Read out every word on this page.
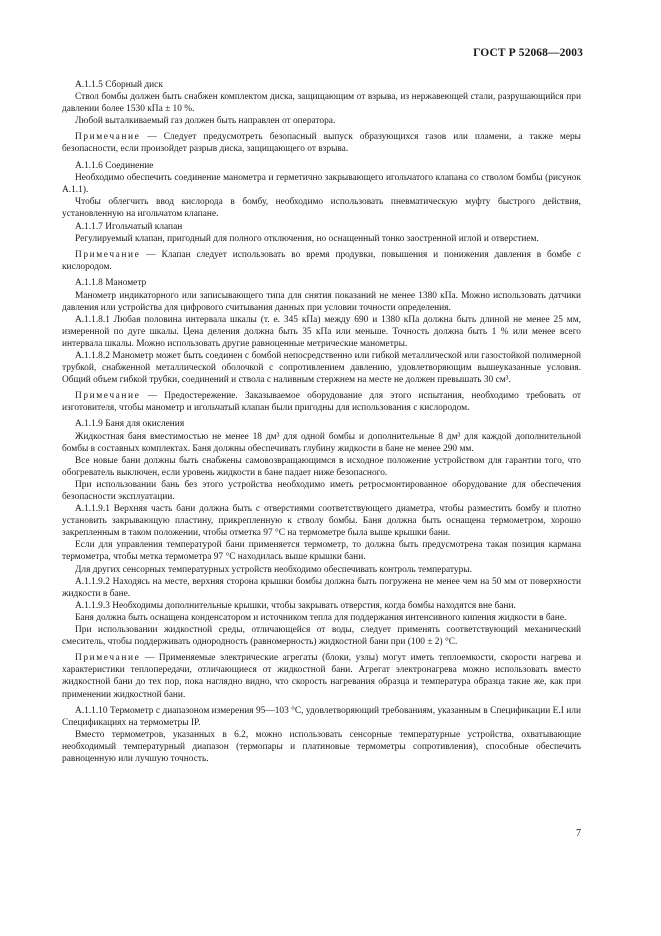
ГОСТ Р 52068—2003

А.1.1.5 Сборный диск

Ствол бомбы должен быть снабжен комплектом диска, защищающим от взрыва, из нержавеющей стали, разрушающийся при давлении более 1530 кПа ± 10 %.

Любой выталкиваемый газ должен быть направлен от оператора.

Примечание — Следует предусмотреть безопасный выпуск образующихся газов или пламени, а также меры безопасности, если произойдет разрыв диска, защищающего от взрыва.

А.1.1.6 Соединение

Необходимо обеспечить соединение манометра и герметично закрывающего игольчатого клапана со стволом бомбы (рисунок А.1.1).

Чтобы облегчить ввод кислорода в бомбу, необходимо использовать пневматическую муфту быстрого действия, установленную на игольчатом клапане.

А.1.1.7 Игольчатый клапан

Регулируемый клапан, пригодный для полного отключения, но оснащенный тонко заостренной иглой и отверстием.

Примечание — Клапан следует использовать во время продувки, повышения и понижения давления в бомбе с кислородом.

А.1.1.8 Манометр

Манометр индикаторного или записывающего типа для снятия показаний не менее 1380 кПа. Можно использовать датчики давления или устройства для цифрового считывания данных при условии точности определения.

А.1.1.8.1 Любая половина интервала шкалы (т. е. 345 кПа) между 690 и 1380 кПа должна быть длиной не менее 25 мм, измеренной по дуге шкалы. Цена деления должна быть 35 кПа или меньше. Точность должна быть 1 % или менее всего интервала шкалы. Можно использовать другие равноценные метрические манометры.

А.1.1.8.2 Манометр может быть соединен с бомбой непосредственно или гибкой металлической или газостойкой полимерной трубкой, снабженной металлической оболочкой с сопротивлением давлению, удовлетворяющим вышеуказанные условия. Общий объем гибкой трубки, соединений и ствола с наливным стержнем на месте не должен превышать 30 см³.

Примечание — Предостережение. Заказываемое оборудование для этого испытания, необходимо требовать от изготовителя, чтобы манометр и игольчатый клапан были пригодны для использования с кислородом.

А.1.1.9 Баня для окисления

Жидкостная баня вместимостью не менее 18 дм³ для одной бомбы и дополнительные 8 дм³ для каждой дополнительной бомбы в составных комплектах. Баня должны обеспечивать глубину жидкости в бане не менее 290 мм.

Все новые бани должны быть снабжены самовозвращающимся в исходное положение устройством для гарантии того, что обогреватель выключен, если уровень жидкости в бане падает ниже безопасного.

При использовании бань без этого устройства необходимо иметь ретросмонтированное оборудование для обеспечения безопасности эксплуатации.

А.1.1.9.1 Верхняя часть бани должна быть с отверстиями соответствующего диаметра, чтобы разместить бомбу и плотно установить закрывающую пластину, прикрепленную к стволу бомбы. Баня должна быть оснащена термометром, хорошо закрепленным в таком положении, чтобы отметка 97 °С на термометре была выше крышки бани.

Если для управления температурой бани применяется термометр, то должна быть предусмотрена такая позиция кармана термометра, чтобы метка термометра 97 °С находилась выше крышки бани.

Для других сенсорных температурных устройств необходимо обеспечивать контроль температуры.

А.1.1.9.2 Находясь на месте, верхняя сторона крышки бомбы должна быть погружена не менее чем на 50 мм от поверхности жидкости в бане.

А.1.1.9.3 Необходимы дополнительные крышки, чтобы закрывать отверстия, когда бомбы находятся вне бани.

Баня должна быть оснащена конденсатором и источником тепла для поддержания интенсивного кипения жидкости в бане.

При использовании жидкостной среды, отличающейся от воды, следует применять соответствующий механический смеситель, чтобы поддерживать однородность (равномерность) жидкостной бани при (100 ± 2) °С.

Примечание — Применяемые электрические агрегаты (блоки, узлы) могут иметь теплоемкости, скорости нагрева и характеристики теплопередачи, отличающиеся от жидкостной бани. Агрегат электронагрева можно использовать вместо жидкостной бани до тех пор, пока наглядно видно, что скорость нагревания образца и температура образца такие же, как при применении жидкостной бани.

А.1.1.10 Термометр с диапазоном измерения 95—103 °С, удовлетворяющий требованиям, указанным в Спецификации Е.I или Спецификациях на термометры IP.

Вместо термометров, указанных в 6.2, можно использовать сенсорные температурные устройства, охватывающие необходимый температурный диапазон (термопары и платиновые термометры сопротивления), способные обеспечить равноценную или лучшую точность.

7
